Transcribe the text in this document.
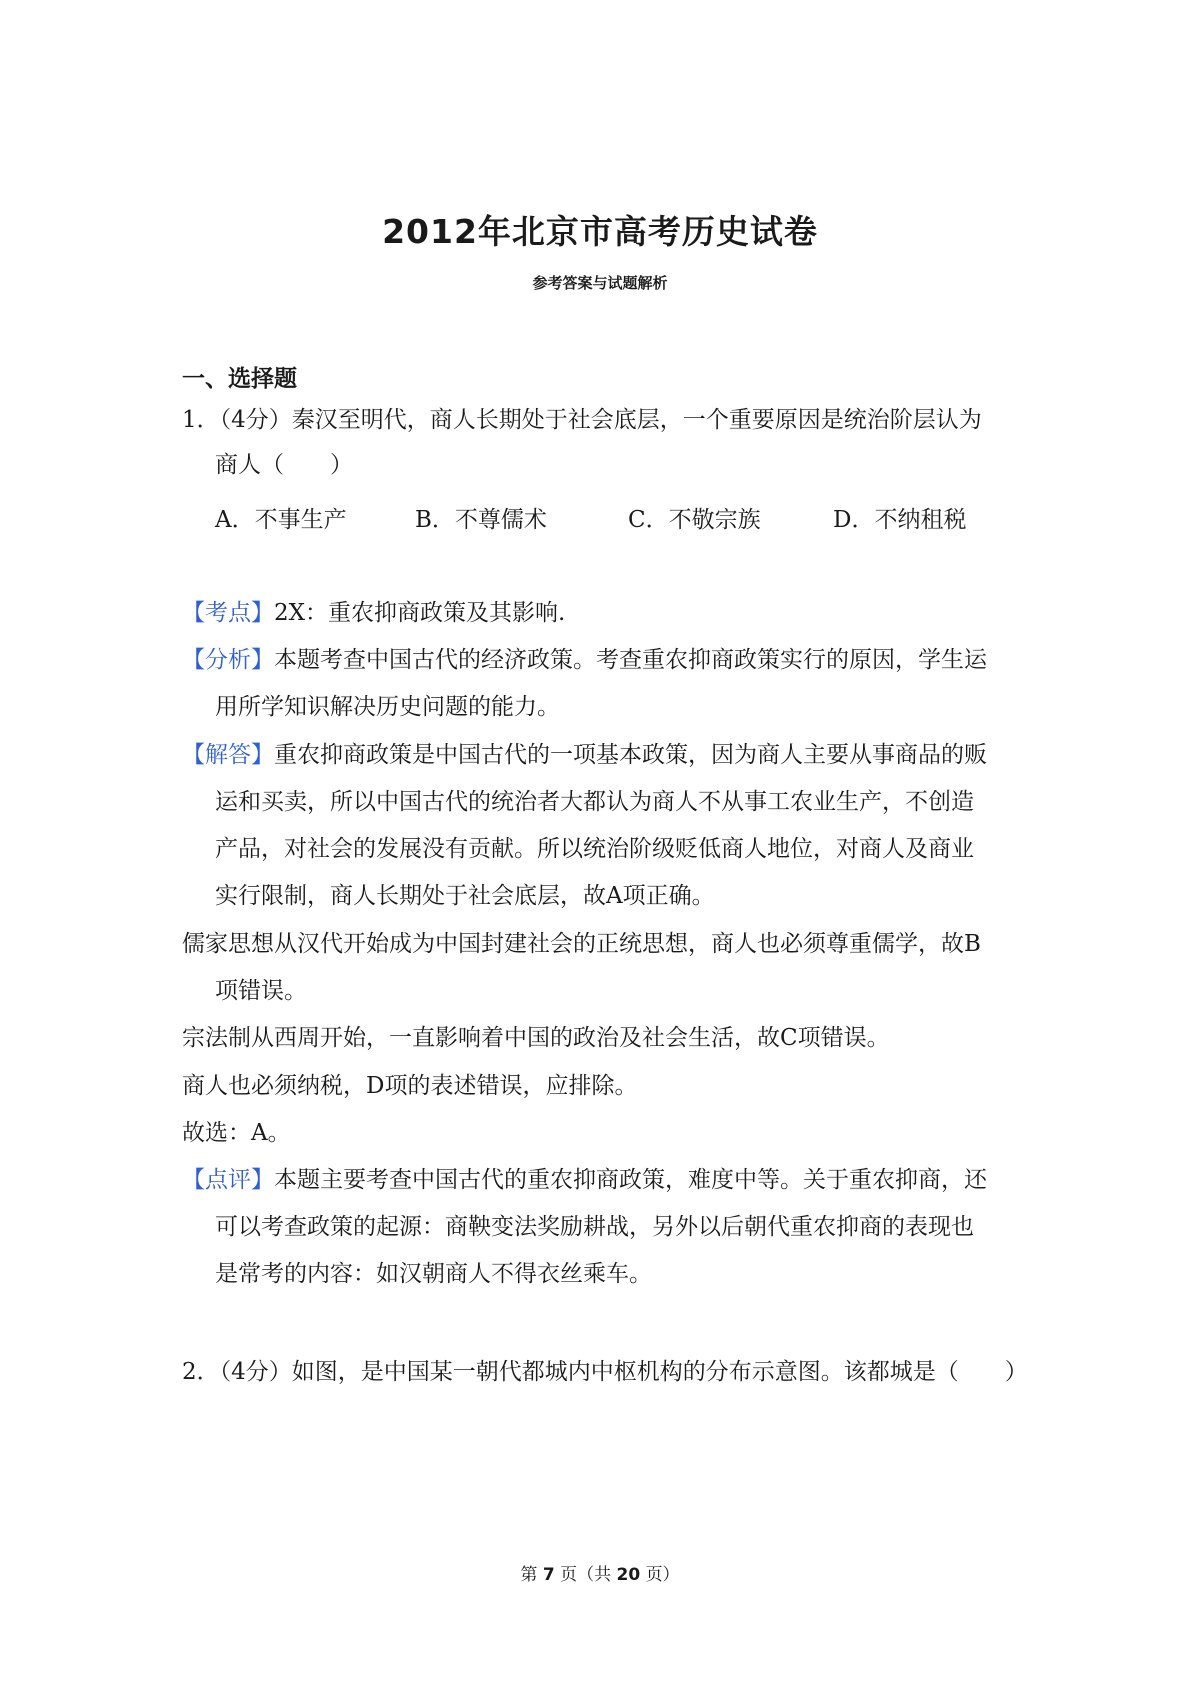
2012年北京市高考历史试卷
参考答案与试题解析
一、选择题
1．（4分）秦汉至明代，商人长期处于社会底层，一个重要原因是统治阶层认为
商人（　　）
A．不事生产	B．不尊儒术	C．不敬宗族	D．不纳租税
【考点】2X：重农抑商政策及其影响.
【分析】本题考查中国古代的经济政策。考查重农抑商政策实行的原因，学生运
用所学知识解决历史问题的能力。
【解答】重农抑商政策是中国古代的一项基本政策，因为商人主要从事商品的贩
运和买卖，所以中国古代的统治者大都认为商人不从事工农业生产，不创造
产品，对社会的发展没有贡献。所以统治阶级贬低商人地位，对商人及商业
实行限制，商人长期处于社会底层，故A项正确。
儒家思想从汉代开始成为中国封建社会的正统思想，商人也必须尊重儒学，故B
项错误。
宗法制从西周开始，一直影响着中国的政治及社会生活，故C项错误。
商人也必须纳税，D项的表述错误，应排除。
故选：A。
【点评】本题主要考查中国古代的重农抑商政策，难度中等。关于重农抑商，还
可以考查政策的起源：商鞅变法奖励耕战，另外以后朝代重农抑商的表现也
是常考的内容：如汉朝商人不得衣丝乘车。
2．（4分）如图，是中国某一朝代都城内中枢机构的分布示意图。该都城是（　　）
第 7 页（共 20 页）
